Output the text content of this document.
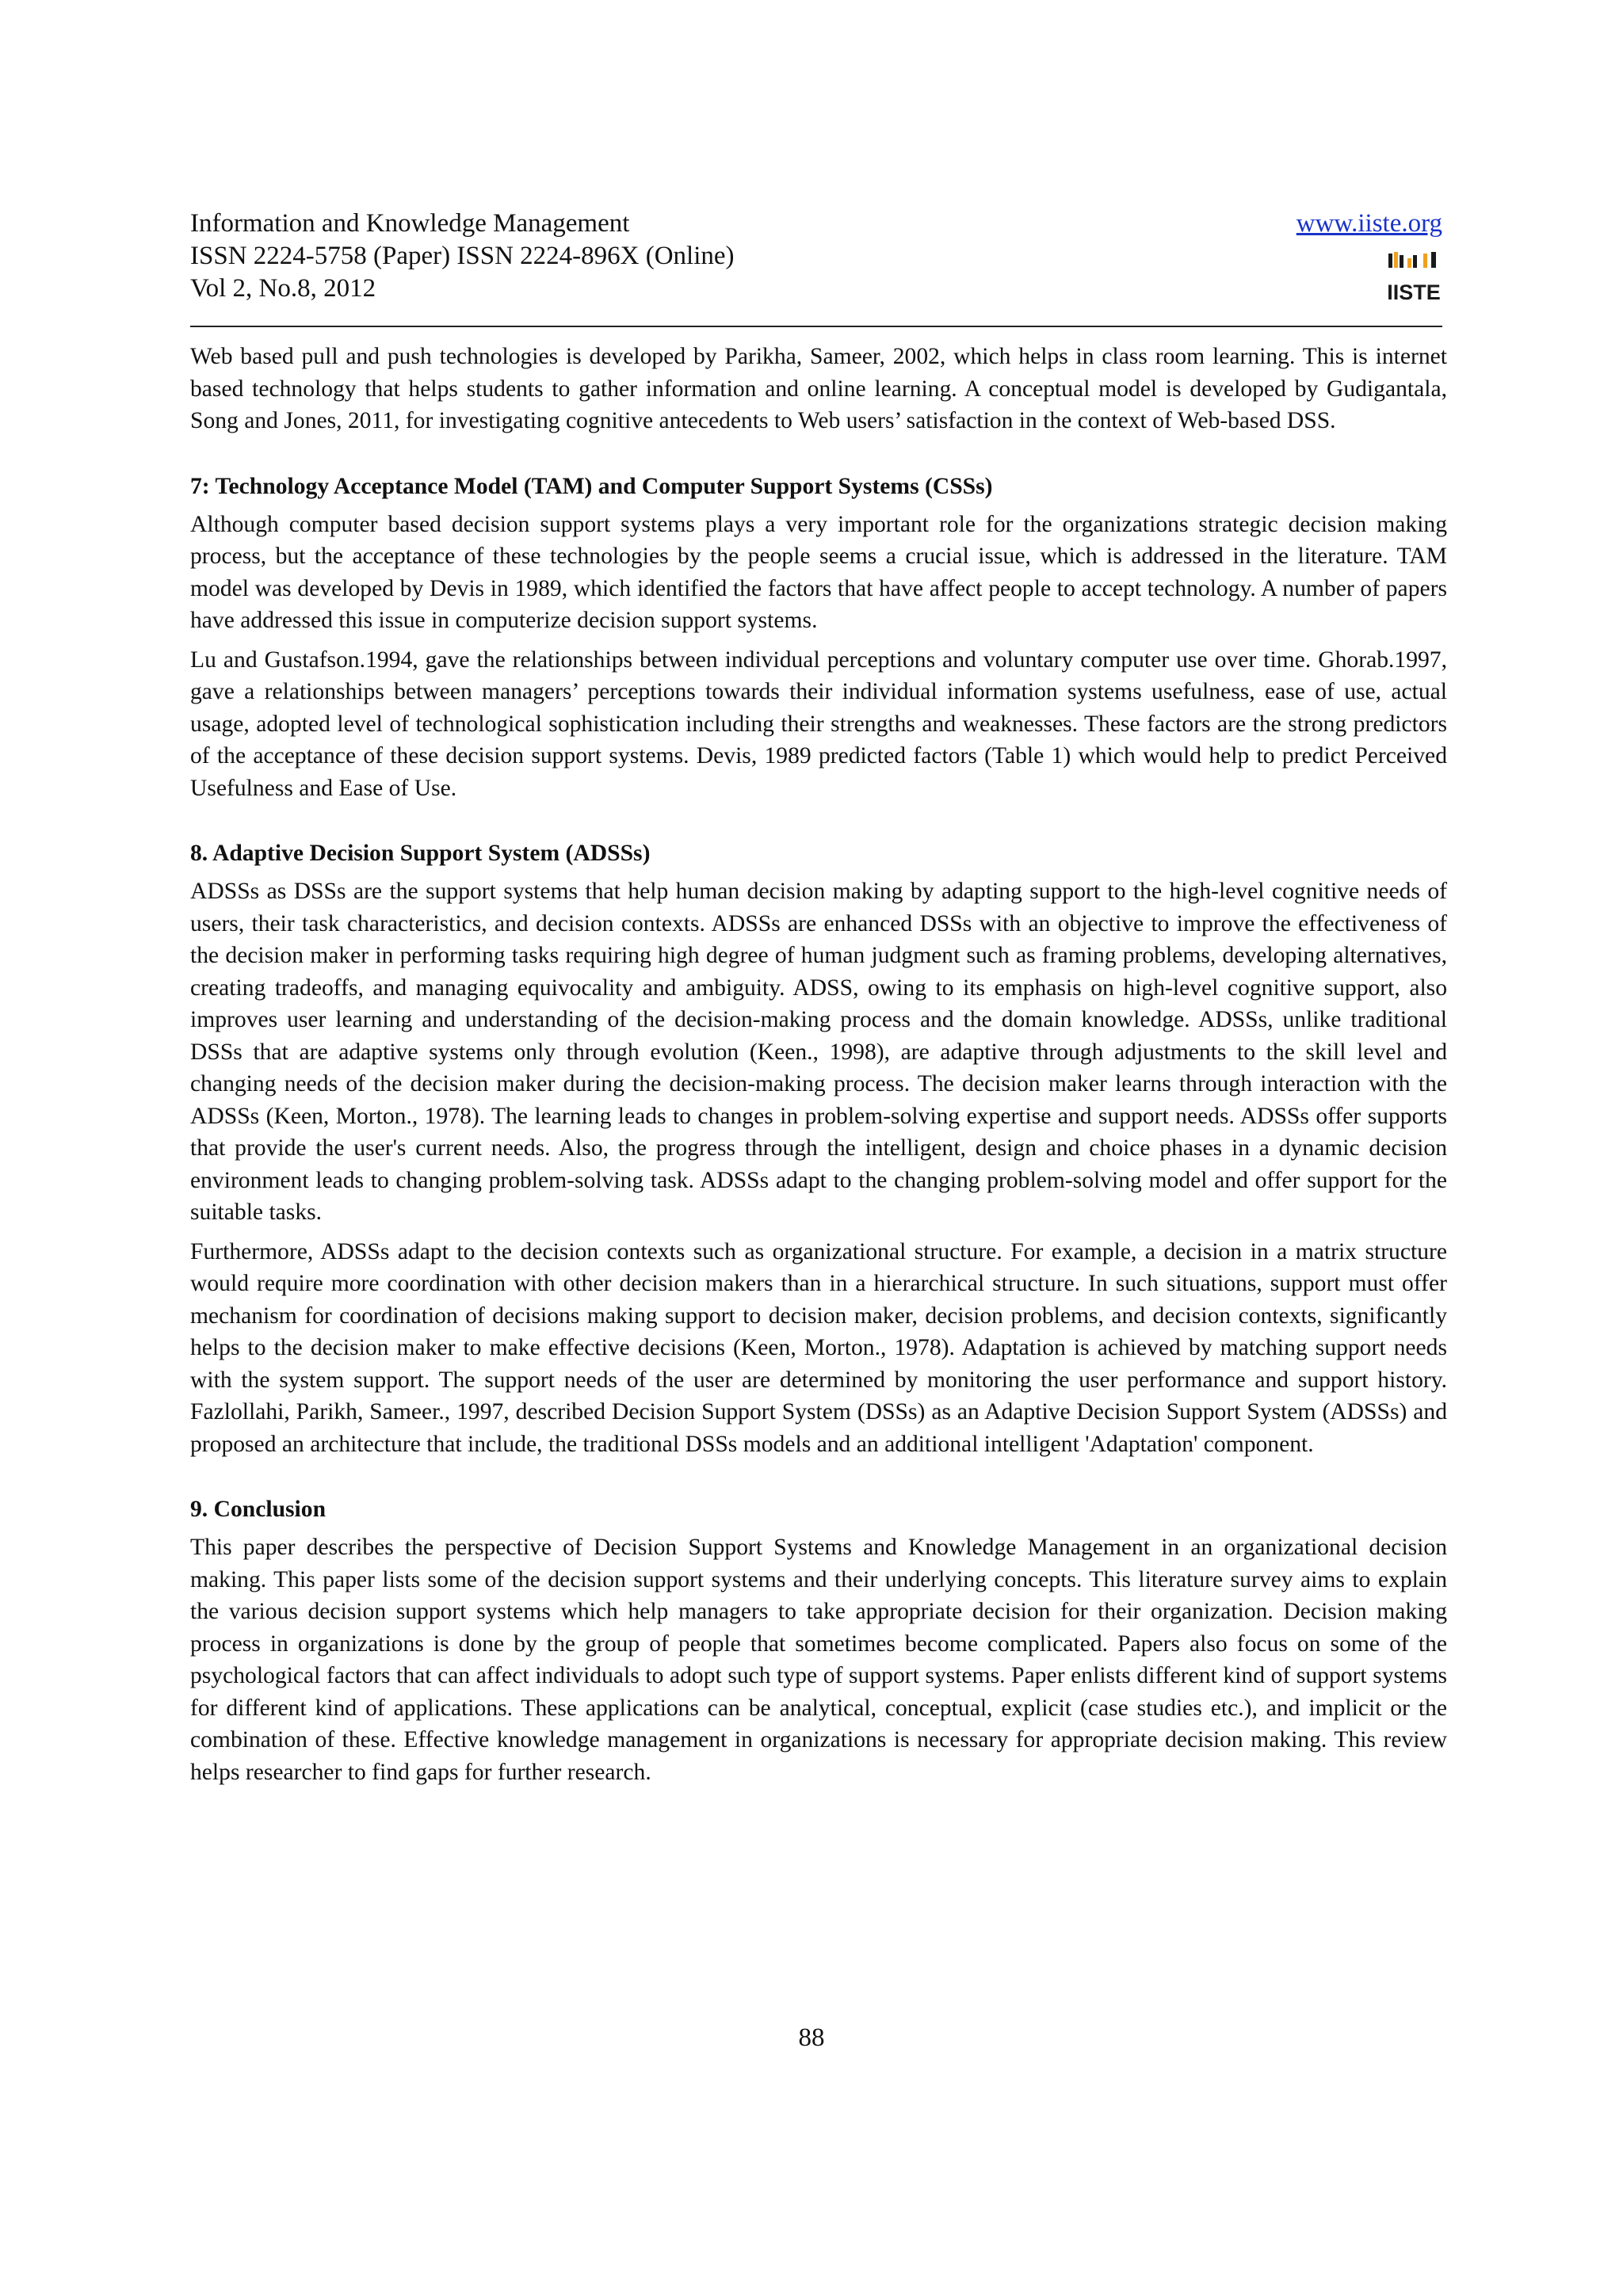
Information and Knowledge Management
ISSN 2224-5758 (Paper) ISSN 2224-896X (Online)
Vol 2, No.8, 2012
www.iiste.org
IISTE

Web based pull and push technologies is developed by Parikha, Sameer, 2002, which helps in class room learning. This is internet based technology that helps students to gather information and online learning. A conceptual model is developed by Gudigantala, Song and Jones, 2011, for investigating cognitive antecedents to Web users’ satisfaction in the context of Web-based DSS.

7: Technology Acceptance Model (TAM) and Computer Support Systems (CSSs)

Although computer based decision support systems plays a very important role for the organizations strategic decision making process, but the acceptance of these technologies by the people seems a crucial issue, which is addressed in the literature. TAM model was developed by Devis in 1989, which identified the factors that have affect people to accept technology. A number of papers have addressed this issue in computerize decision support systems.

Lu and Gustafson.1994, gave the relationships between individual perceptions and voluntary computer use over time. Ghorab.1997, gave a relationships between managers’ perceptions towards their individual information systems usefulness, ease of use, actual usage, adopted level of technological sophistication including their strengths and weaknesses. These factors are the strong predictors of the acceptance of these decision support systems. Devis, 1989 predicted factors (Table 1) which would help to predict Perceived Usefulness and Ease of Use.

8. Adaptive Decision Support System (ADSSs)

ADSSs as DSSs are the support systems that help human decision making by adapting support to the high-level cognitive needs of users, their task characteristics, and decision contexts. ADSSs are enhanced DSSs with an objective to improve the effectiveness of the decision maker in performing tasks requiring high degree of human judgment such as framing problems, developing alternatives, creating tradeoffs, and managing equivocality and ambiguity. ADSS, owing to its emphasis on high-level cognitive support, also improves user learning and understanding of the decision-making process and the domain knowledge. ADSSs, unlike traditional DSSs that are adaptive systems only through evolution (Keen., 1998), are adaptive through adjustments to the skill level and changing needs of the decision maker during the decision-making process. The decision maker learns through interaction with the ADSSs (Keen, Morton., 1978). The learning leads to changes in problem-solving expertise and support needs. ADSSs offer supports that provide the user's current needs. Also, the progress through the intelligent, design and choice phases in a dynamic decision environment leads to changing problem-solving task. ADSSs adapt to the changing problem-solving model and offer support for the suitable tasks.

Furthermore, ADSSs adapt to the decision contexts such as organizational structure. For example, a decision in a matrix structure would require more coordination with other decision makers than in a hierarchical structure. In such situations, support must offer mechanism for coordination of decisions making support to decision maker, decision problems, and decision contexts, significantly helps to the decision maker to make effective decisions (Keen, Morton., 1978). Adaptation is achieved by matching support needs with the system support. The support needs of the user are determined by monitoring the user performance and support history. Fazlollahi, Parikh, Sameer., 1997, described Decision Support System (DSSs) as an Adaptive Decision Support System (ADSSs) and proposed an architecture that include, the traditional DSSs models and an additional intelligent 'Adaptation' component.

9. Conclusion

This paper describes the perspective of Decision Support Systems and Knowledge Management in an organizational decision making. This paper lists some of the decision support systems and their underlying concepts. This literature survey aims to explain the various decision support systems which help managers to take appropriate decision for their organization. Decision making process in organizations is done by the group of people that sometimes become complicated. Papers also focus on some of the psychological factors that can affect individuals to adopt such type of support systems. Paper enlists different kind of support systems for different kind of applications. These applications can be analytical, conceptual, explicit (case studies etc.), and implicit or the combination of these. Effective knowledge management in organizations is necessary for appropriate decision making. This review helps researcher to find gaps for further research.

88
